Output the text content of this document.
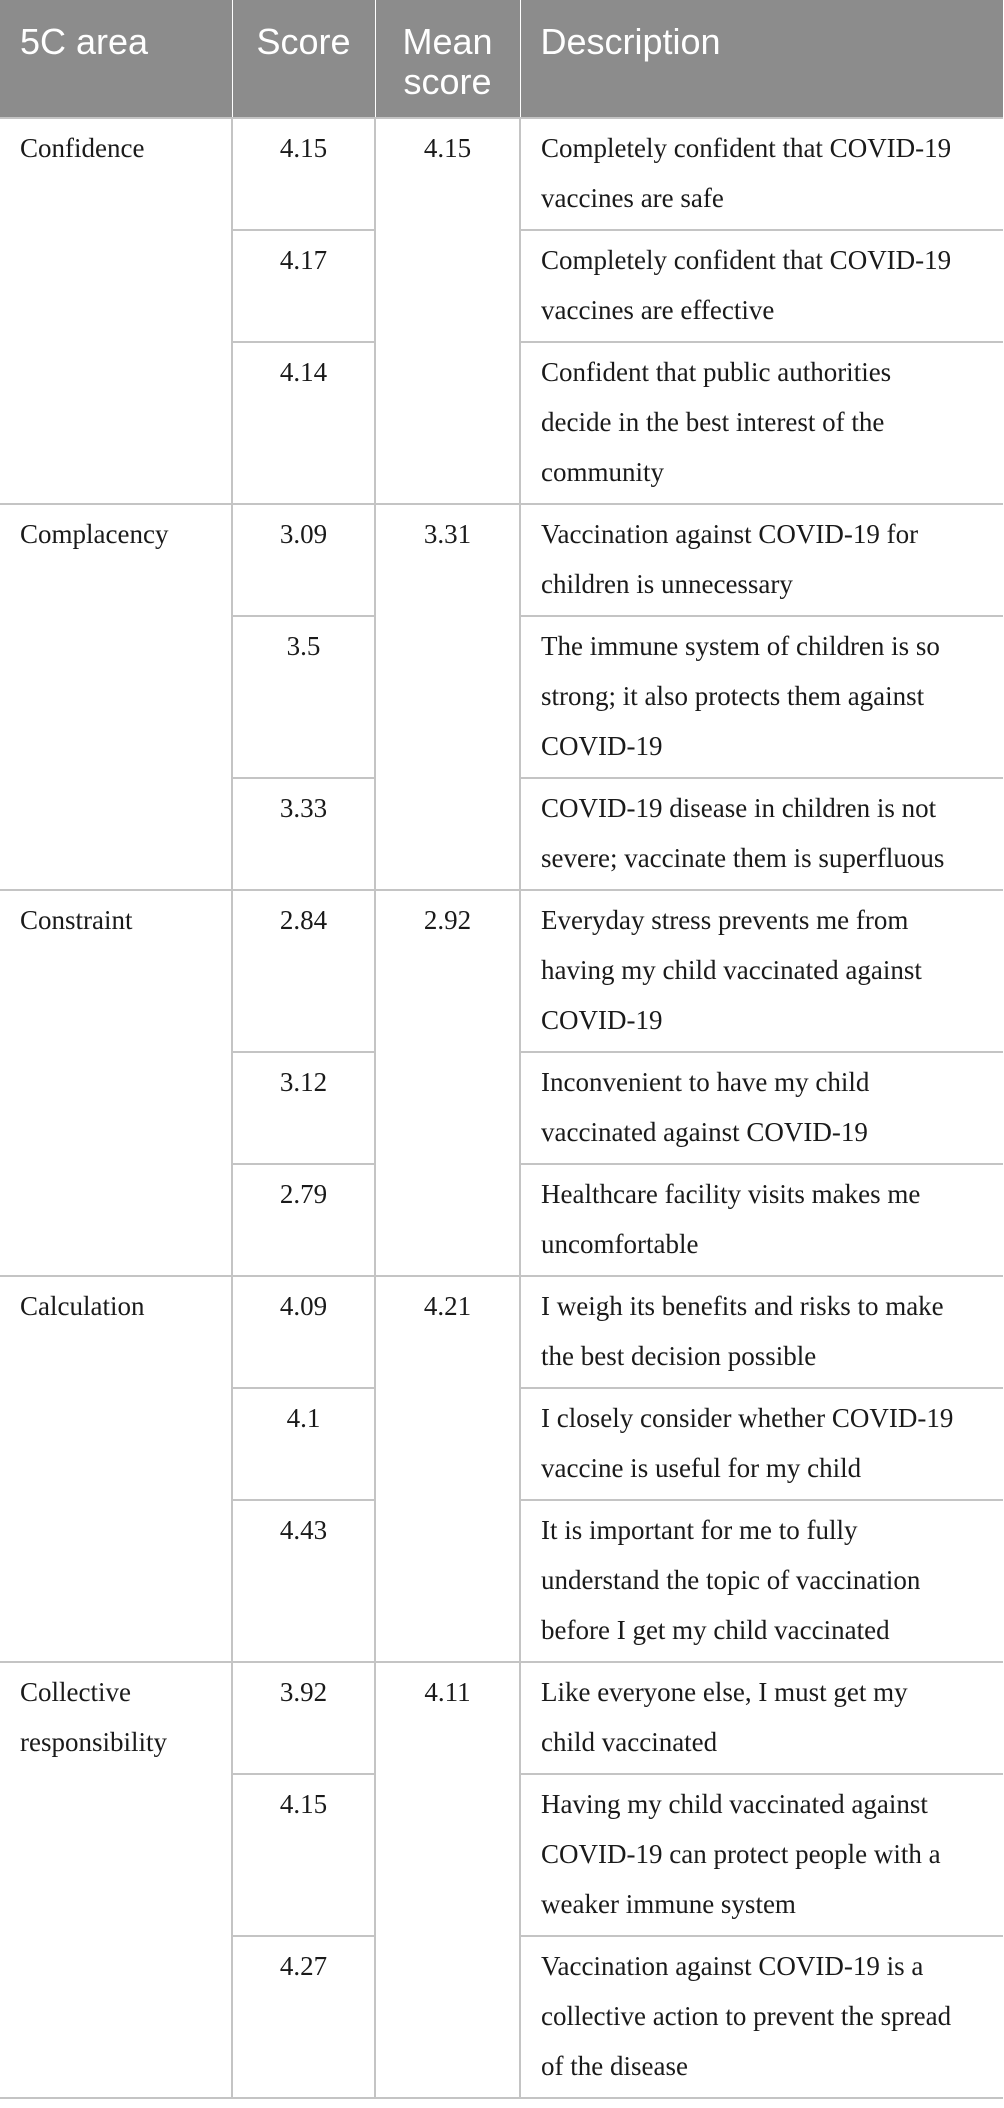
5C area	Score	Mean
score	Description
Confidence	4.15	4.15	Completely confident that COVID-19
vaccines are safe
	4.17		Completely confident that COVID-19
vaccines are effective
	4.14		Confident that public authorities
decide in the best interest of the
community
Complacency	3.09	3.31	Vaccination against COVID-19 for
children is unnecessary
	3.5		The immune system of children is so
strong; it also protects them against
COVID-19
	3.33		COVID-19 disease in children is not
severe; vaccinate them is superfluous
Constraint	2.84	2.92	Everyday stress prevents me from
having my child vaccinated against
COVID-19
	3.12		Inconvenient to have my child
vaccinated against COVID-19
	2.79		Healthcare facility visits makes me
uncomfortable
Calculation	4.09	4.21	I weigh its benefits and risks to make
the best decision possible
	4.1		I closely consider whether COVID-19
vaccine is useful for my child
	4.43		It is important for me to fully
understand the topic of vaccination
before I get my child vaccinated
Collective responsibility	3.92	4.11	Like everyone else, I must get my
child vaccinated
	4.15		Having my child vaccinated against
COVID-19 can protect people with a
weaker immune system
	4.27		Vaccination against COVID-19 is a
collective action to prevent the spread
of the disease
